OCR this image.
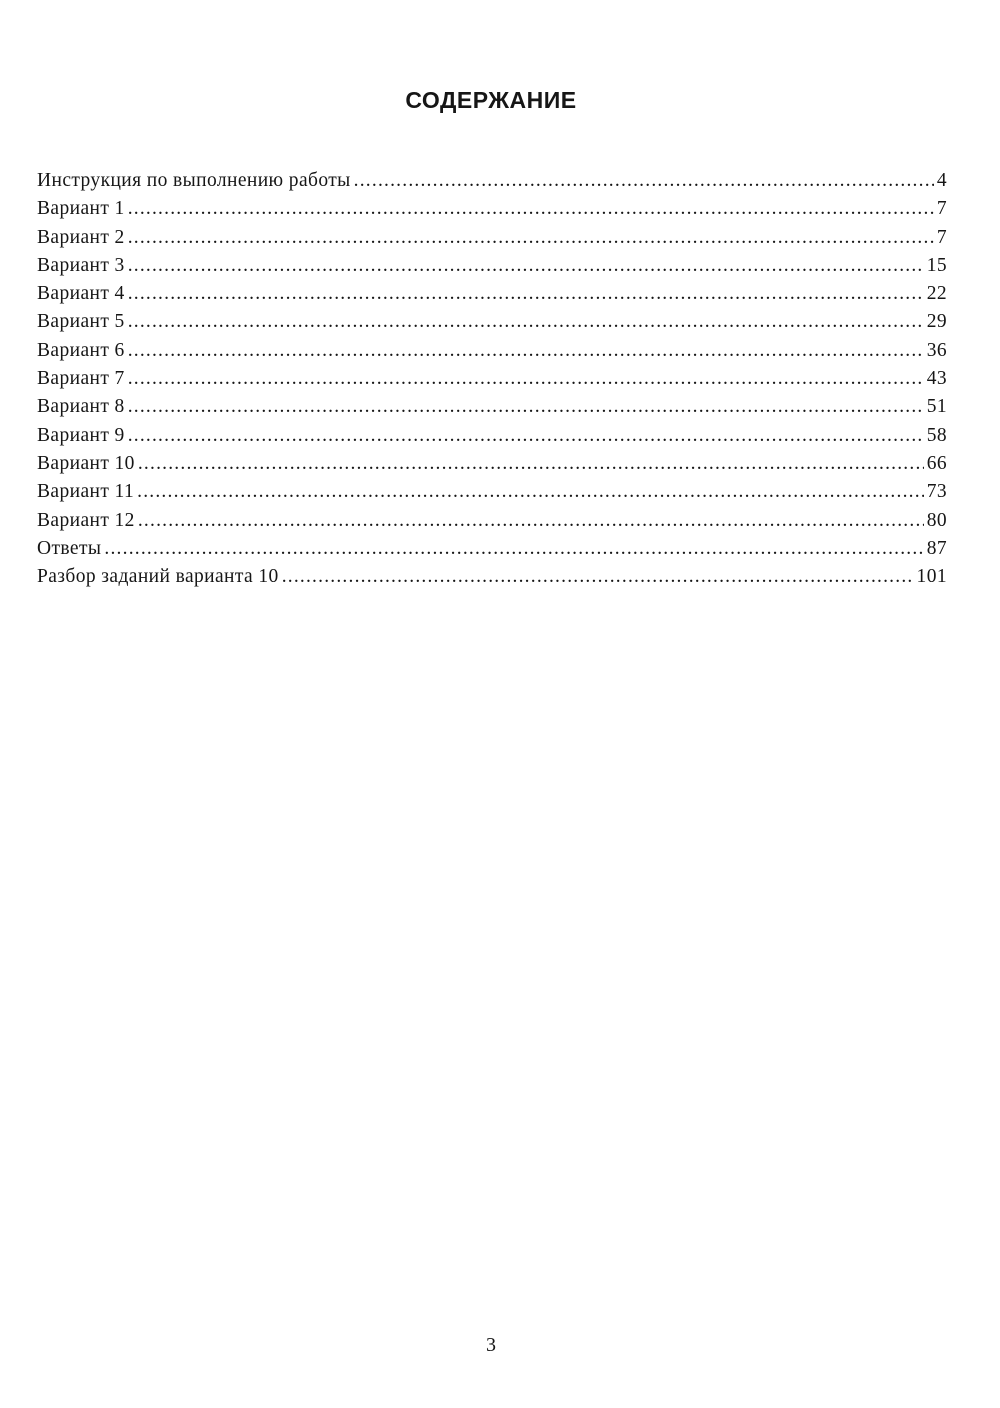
СОДЕРЖАНИЕ
Инструкция по выполнению работы .....	4
Вариант 1 .....	7
Вариант 2 .....	7
Вариант 3 .....	15
Вариант 4 .....	22
Вариант 5 .....	29
Вариант 6 .....	36
Вариант 7 .....	43
Вариант 8 .....	51
Вариант 9 .....	58
Вариант 10 .....	66
Вариант 11 .....	73
Вариант 12 .....	80
Ответы .....	87
Разбор заданий варианта 10 .....	101
3
